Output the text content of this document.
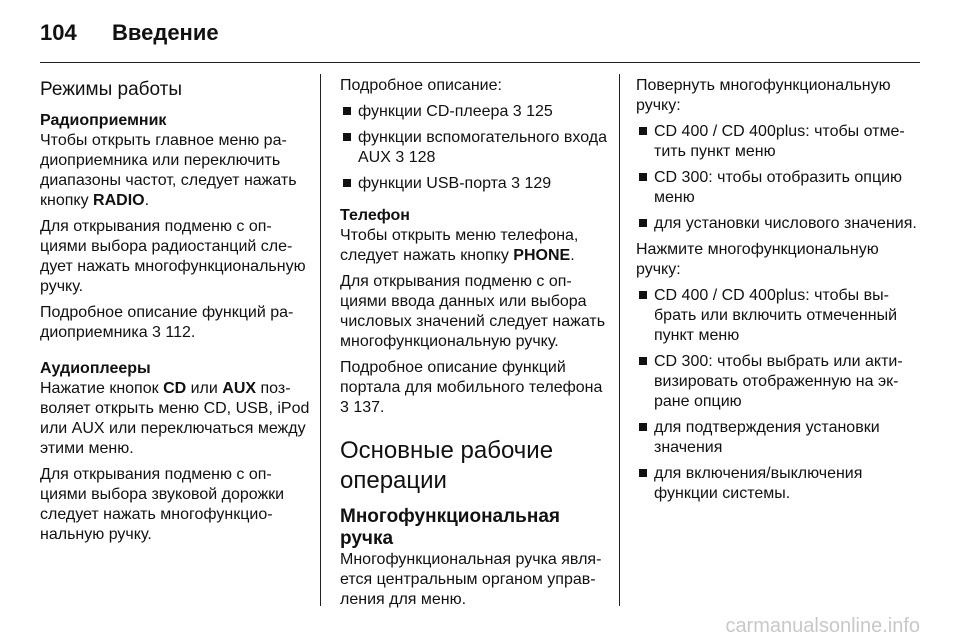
104 Введение
Режимы работы
Радиоприемник

Чтобы открыть главное меню радиоприемника или переключить диапазоны частот, следует нажать кнопку RADIO.

Для открывания подменю с опциями выбора радиостанций следует нажать многофункциональную ручку.

Подробное описание функций радиоприемника 3 112.

Аудиоплееры

Нажатие кнопок CD или AUX позволяет открыть меню CD, USB, iPod или AUX или переключаться между этими меню.

Для открывания подменю с опциями выбора звуковой дорожки следует нажать многофункциональную ручку.

Подробное описание:

функции CD-плеера 3 125
функции вспомогательного входа AUX 3 128
функции USB-порта 3 129
Телефон

Чтобы открыть меню телефона, следует нажать кнопку PHONE.

Для открывания подменю с опциями ввода данных или выбора числовых значений следует нажать многофункциональную ручку.

Подробное описание функций портала для мобильного телефона 3 137.

Основные рабочие операции
Многофункциональная ручка

Многофункциональная ручка является центральным органом управления для меню.

Повернуть многофункциональную ручку:

CD 400 / CD 400plus: чтобы отметить пункт меню
CD 300: чтобы отобразить опцию меню
для установки числового значения.

Нажмите многофункциональную ручку:

CD 400 / CD 400plus: чтобы выбрать или включить отмеченный пункт меню
CD 300: чтобы выбрать или активизировать отображенную на экране опцию
для подтверждения установки значения
для включения/выключения функции системы.
carmanualsonline.info
